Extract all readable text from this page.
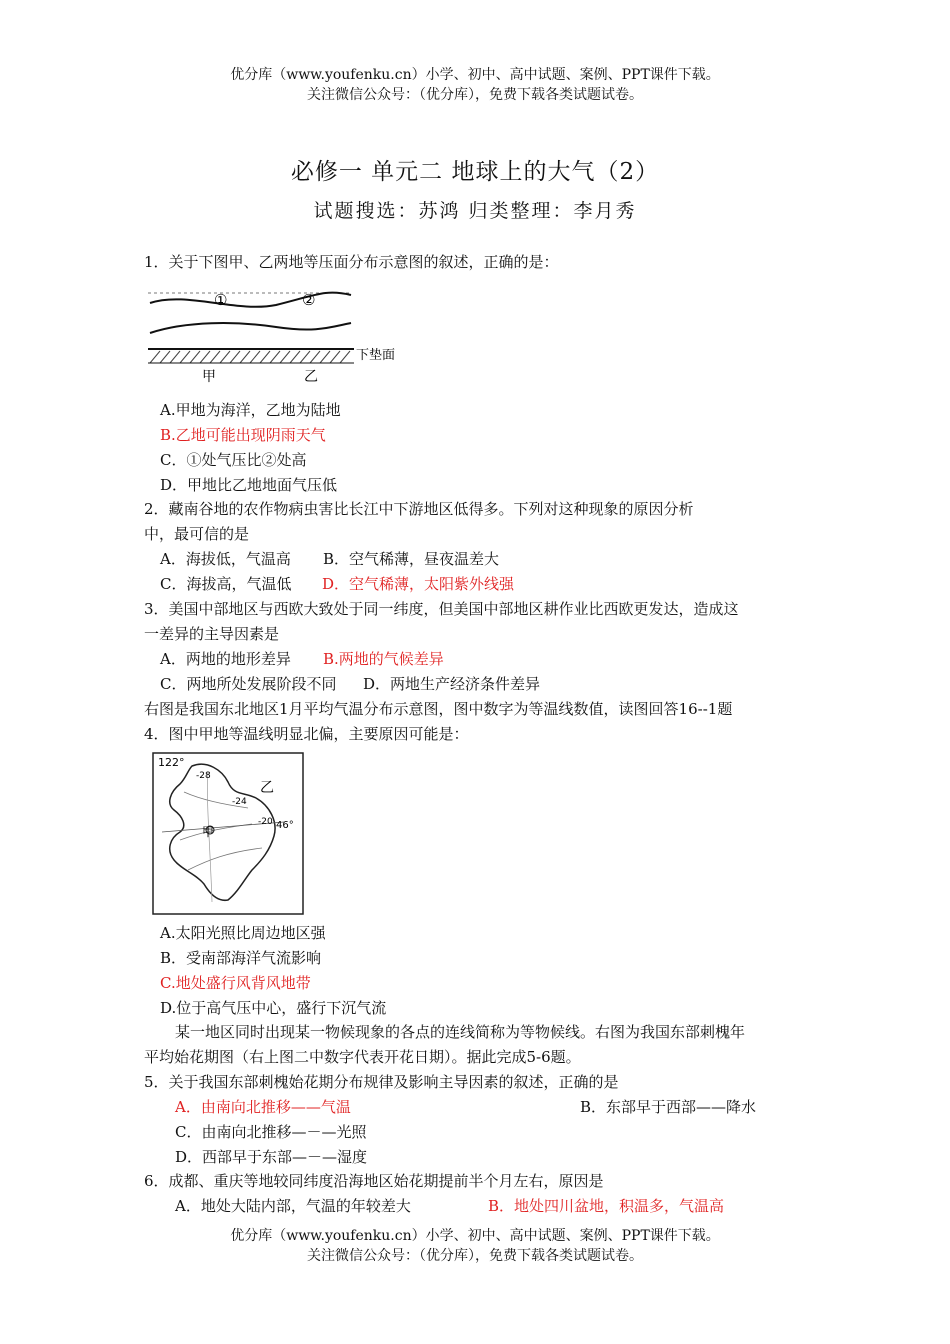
优分库（www.youfenku.cn）小学、初中、高中试题、案例、PPT课件下载。
关注微信公众号：（优分库），免费下载各类试题试卷。
必修一 单元二 地球上的大气（2）
试题搜选：苏鸿 归类整理：李月秀
1．关于下图甲、乙两地等压面分布示意图的叙述，正确的是：
①	②
下垫面
甲	乙
A.甲地为海洋，乙地为陆地
B.乙地可能出现阴雨天气
C．①处气压比②处高
D．甲地比乙地地面气压低
2．藏南谷地的农作物病虫害比长江中下游地区低得多。下列对这种现象的原因分析
中，最可信的是
A．海拔低，气温高 B．空气稀薄，昼夜温差大
C．海拔高，气温低 D．空气稀薄，太阳紫外线强
3．美国中部地区与西欧大致处于同一纬度，但美国中部地区耕作业比西欧更发达，造成这
一差异的主导因素是
A．两地的地形差异 B.两地的气候差异
C．两地所处发展阶段不同 D．两地生产经济条件差异
右图是我国东北地区1月平均气温分布示意图，图中数字为等温线数值，读图回答16--1题
4．图中甲地等温线明显北偏，主要原因可能是：
122°
-28
-24
-20 46°
甲
乙
A.太阳光照比周边地区强
B．受南部海洋气流影响
C.地处盛行风背风地带
D.位于高气压中心，盛行下沉气流
某一地区同时出现某一物候现象的各点的连线简称为等物候线。右图为我国东部刺槐年
平均始花期图（右上图二中数字代表开花日期）。据此完成5-6题。
5．关于我国东部刺槐始花期分布规律及影响主导因素的叙述，正确的是
A．由南向北推移——气温	B．东部早于西部——降水
C．由南向北推移—－—光照
D．西部早于东部—－—湿度
6．成都、重庆等地较同纬度沿海地区始花期提前半个月左右，原因是
A．地处大陆内部，气温的年较差大	B．地处四川盆地，积温多，气温高
优分库（www.youfenku.cn）小学、初中、高中试题、案例、PPT课件下载。
关注微信公众号：（优分库），免费下载各类试题试卷。
